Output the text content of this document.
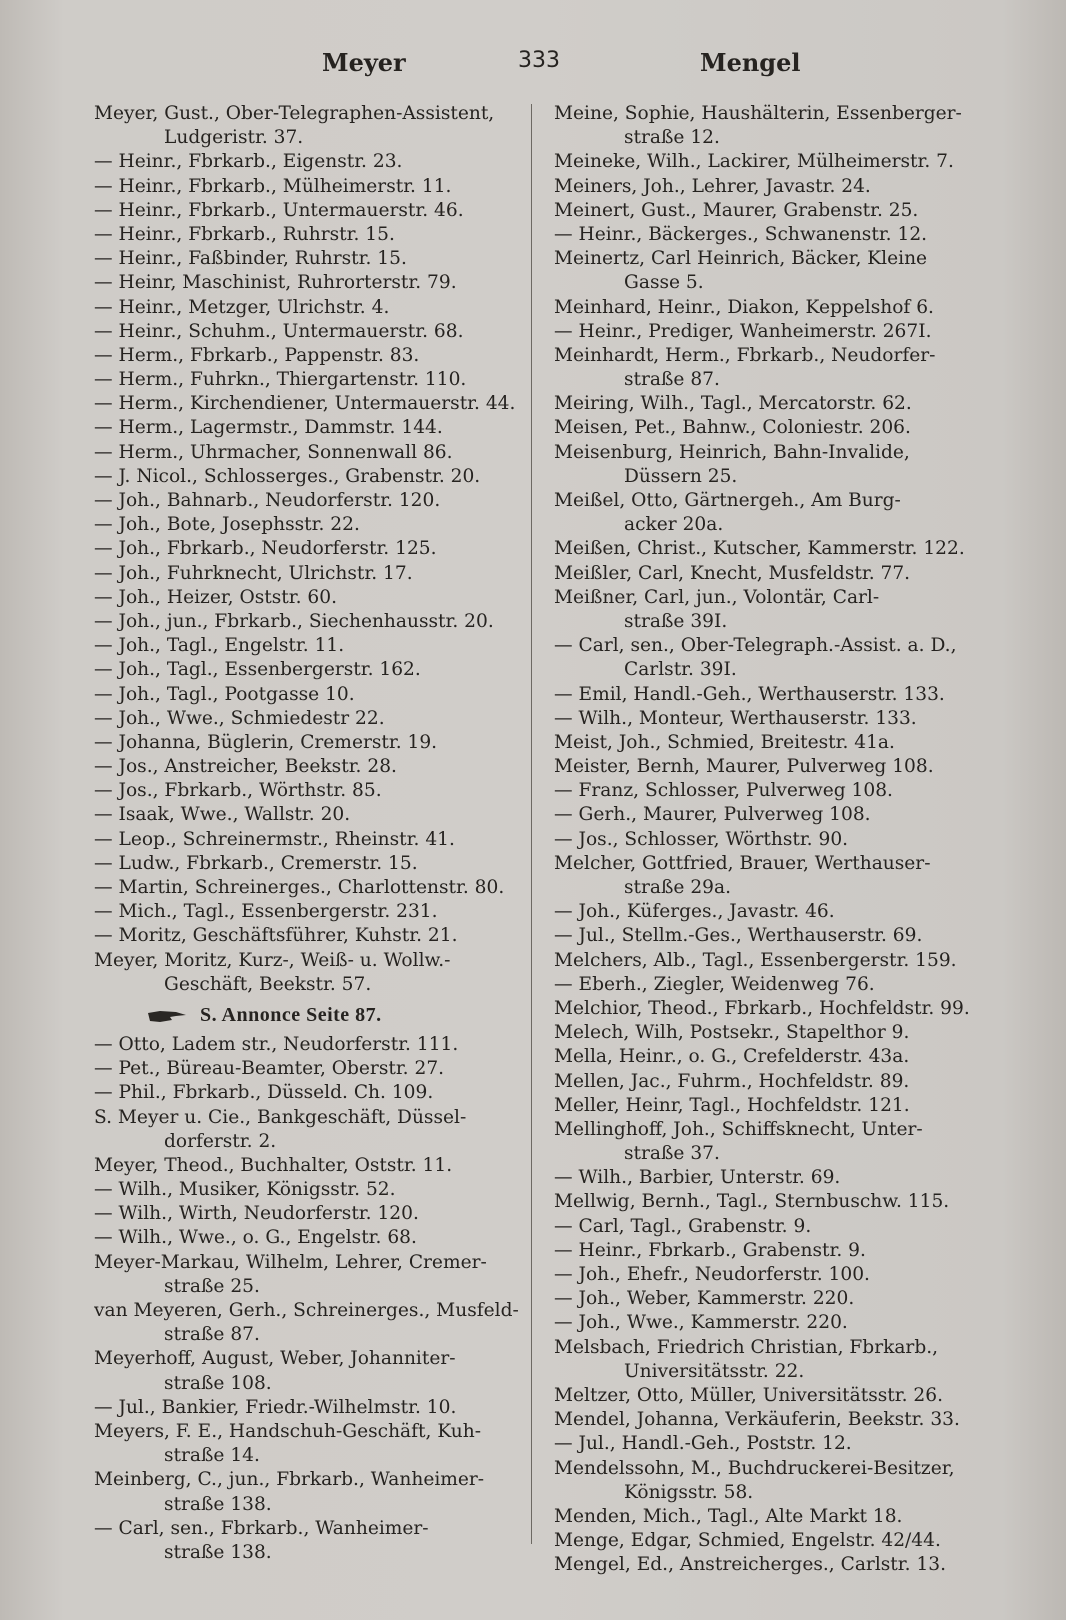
Meyer	333	Mengel
Meyer, Gust., Ober-Telegraphen-Assistent,
Ludgeristr. 37.
— Heinr., Fbrkarb., Eigenstr. 23.
— Heinr., Fbrkarb., Mülheimerstr. 11.
— Heinr., Fbrkarb., Untermauerstr. 46.
— Heinr., Fbrkarb., Ruhrstr. 15.
— Heinr., Faßbinder, Ruhrstr. 15.
— Heinr, Maschinist, Ruhrorterstr. 79.
— Heinr., Metzger, Ulrichstr. 4.
— Heinr., Schuhm., Untermauerstr. 68.
— Herm., Fbrkarb., Pappenstr. 83.
— Herm., Fuhrkn., Thiergartenstr. 110.
— Herm., Kirchendiener, Untermauerstr. 44.
— Herm., Lagermstr., Dammstr. 144.
— Herm., Uhrmacher, Sonnenwall 86.
— J. Nicol., Schlosserges., Grabenstr. 20.
— Joh., Bahnarb., Neudorferstr. 120.
— Joh., Bote, Josephsstr. 22.
— Joh., Fbrkarb., Neudorferstr. 125.
— Joh., Fuhrknecht, Ulrichstr. 17.
— Joh., Heizer, Oststr. 60.
— Joh., jun., Fbrkarb., Siechenhausstr. 20.
— Joh., Tagl., Engelstr. 11.
— Joh., Tagl., Essenbergerstr. 162.
— Joh., Tagl., Pootgasse 10.
— Joh., Wwe., Schmiedestr 22.
— Johanna, Büglerin, Cremerstr. 19.
— Jos., Anstreicher, Beekstr. 28.
— Jos., Fbrkarb., Wörthstr. 85.
— Isaak, Wwe., Wallstr. 20.
— Leop., Schreinermstr., Rheinstr. 41.
— Ludw., Fbrkarb., Cremerstr. 15.
— Martin, Schreinerges., Charlottenstr. 80.
— Mich., Tagl., Essenbergerstr. 231.
— Moritz, Geschäftsführer, Kuhstr. 21.
Meyer, Moritz, Kurz-, Weiß- u. Wollw.-
Geschäft, Beekstr. 57.
S. Annonce Seite 87.
— Otto, Ladem str., Neudorferstr. 111.
— Pet., Büreau-Beamter, Oberstr. 27.
— Phil., Fbrkarb., Düsseld. Ch. 109.
S. Meyer u. Cie., Bankgeschäft, Düssel-
dorferstr. 2.
Meyer, Theod., Buchhalter, Oststr. 11.
— Wilh., Musiker, Königsstr. 52.
— Wilh., Wirth, Neudorferstr. 120.
— Wilh., Wwe., o. G., Engelstr. 68.
Meyer-Markau, Wilhelm, Lehrer, Cremer-
straße 25.
van Meyeren, Gerh., Schreinerges., Musfeld-
straße 87.
Meyerhoff, August, Weber, Johanniter-
straße 108.
— Jul., Bankier, Friedr.-Wilhelmstr. 10.
Meyers, F. E., Handschuh-Geschäft, Kuh-
straße 14.
Meinberg, C., jun., Fbrkarb., Wanheimer-
straße 138.
— Carl, sen., Fbrkarb., Wanheimer-
straße 138.
Meine, Sophie, Haushälterin, Essenberger-
straße 12.
Meineke, Wilh., Lackirer, Mülheimerstr. 7.
Meiners, Joh., Lehrer, Javastr. 24.
Meinert, Gust., Maurer, Grabenstr. 25.
— Heinr., Bäckerges., Schwanenstr. 12.
Meinertz, Carl Heinrich, Bäcker, Kleine
Gasse 5.
Meinhard, Heinr., Diakon, Keppelshof 6.
— Heinr., Prediger, Wanheimerstr. 267I.
Meinhardt, Herm., Fbrkarb., Neudorfer-
straße 87.
Meiring, Wilh., Tagl., Mercatorstr. 62.
Meisen, Pet., Bahnw., Coloniestr. 206.
Meisenburg, Heinrich, Bahn-Invalide,
Düssern 25.
Meißel, Otto, Gärtnergeh., Am Burg-
acker 20a.
Meißen, Christ., Kutscher, Kammerstr. 122.
Meißler, Carl, Knecht, Musfeldstr. 77.
Meißner, Carl, jun., Volontär, Carl-
straße 39I.
— Carl, sen., Ober-Telegraph.-Assist. a. D.,
Carlstr. 39I.
— Emil, Handl.-Geh., Werthauserstr. 133.
— Wilh., Monteur, Werthauserstr. 133.
Meist, Joh., Schmied, Breitestr. 41a.
Meister, Bernh, Maurer, Pulverweg 108.
— Franz, Schlosser, Pulverweg 108.
— Gerh., Maurer, Pulverweg 108.
— Jos., Schlosser, Wörthstr. 90.
Melcher, Gottfried, Brauer, Werthauser-
straße 29a.
— Joh., Küferges., Javastr. 46.
— Jul., Stellm.-Ges., Werthauserstr. 69.
Melchers, Alb., Tagl., Essenbergerstr. 159.
— Eberh., Ziegler, Weidenweg 76.
Melchior, Theod., Fbrkarb., Hochfeldstr. 99.
Melech, Wilh, Postsekr., Stapelthor 9.
Mella, Heinr., o. G., Crefelderstr. 43a.
Mellen, Jac., Fuhrm., Hochfeldstr. 89.
Meller, Heinr, Tagl., Hochfeldstr. 121.
Mellinghoff, Joh., Schiffsknecht, Unter-
straße 37.
— Wilh., Barbier, Unterstr. 69.
Mellwig, Bernh., Tagl., Sternbuschw. 115.
— Carl, Tagl., Grabenstr. 9.
— Heinr., Fbrkarb., Grabenstr. 9.
— Joh., Ehefr., Neudorferstr. 100.
— Joh., Weber, Kammerstr. 220.
— Joh., Wwe., Kammerstr. 220.
Melsbach, Friedrich Christian, Fbrkarb.,
Universitätsstr. 22.
Meltzer, Otto, Müller, Universitätsstr. 26.
Mendel, Johanna, Verkäuferin, Beekstr. 33.
— Jul., Handl.-Geh., Poststr. 12.
Mendelssohn, M., Buchdruckerei-Besitzer,
Königsstr. 58.
Menden, Mich., Tagl., Alte Markt 18.
Menge, Edgar, Schmied, Engelstr. 42/44.
Mengel, Ed., Anstreicherges., Carlstr. 13.
